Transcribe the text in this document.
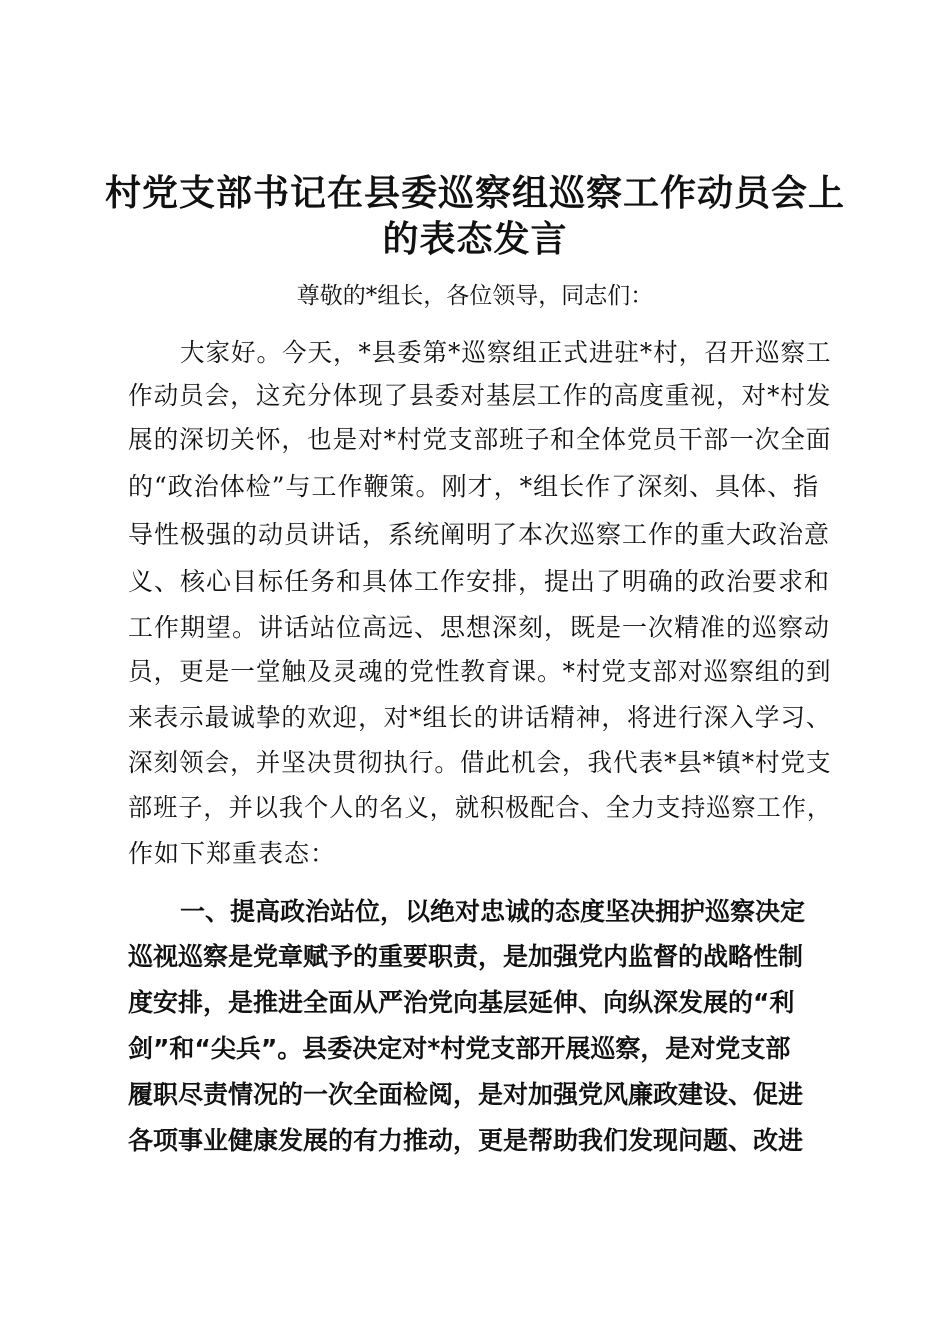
村党支部书记在县委巡察组巡察工作动员会上
的表态发言
尊敬的*组长，各位领导，同志们：
大家好。今天，*县委第*巡察组正式进驻*村，召开巡察工
作动员会，这充分体现了县委对基层工作的高度重视，对*村发
展的深切关怀，也是对*村党支部班子和全体党员干部一次全面
的“政治体检”与工作鞭策。刚才，*组长作了深刻、具体、指
导性极强的动员讲话，系统阐明了本次巡察工作的重大政治意
义、核心目标任务和具体工作安排，提出了明确的政治要求和
工作期望。讲话站位高远、思想深刻，既是一次精准的巡察动
员，更是一堂触及灵魂的党性教育课。*村党支部对巡察组的到
来表示最诚挚的欢迎，对*组长的讲话精神，将进行深入学习、
深刻领会，并坚决贯彻执行。借此机会，我代表*县*镇*村党支
部班子，并以我个人的名义，就积极配合、全力支持巡察工作，
作如下郑重表态：
一、提高政治站位，以绝对忠诚的态度坚决拥护巡察决定
巡视巡察是党章赋予的重要职责，是加强党内监督的战略性制
度安排，是推进全面从严治党向基层延伸、向纵深发展的“利
剑”和“尖兵”。县委决定对*村党支部开展巡察，是对党支部
履职尽责情况的一次全面检阅，是对加强党风廉政建设、促进
各项事业健康发展的有力推动，更是帮助我们发现问题、改进
